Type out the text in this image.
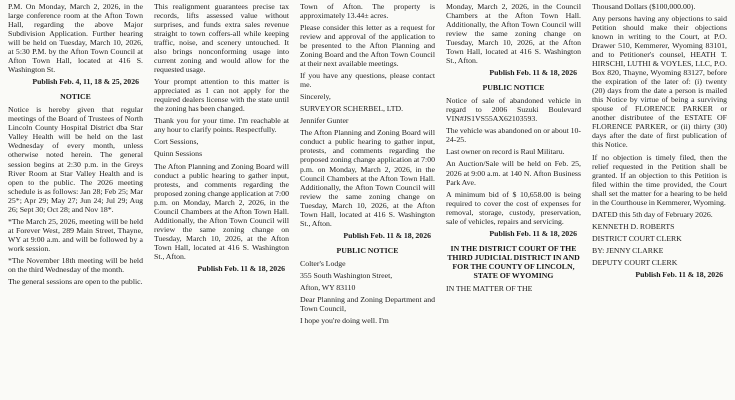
P.M. On Monday, March 2, 2026, in the large conference room at the Afton Town Hall, regarding the above Major Subdivision Application. Further hearing will be held on Tuesday, March 10, 2026, at 5:30 P.M. by the Afton Town Council at Afton Town Hall, located at 416 S. Washington St.

Publish Feb. 4, 11, 18 & 25, 2026

NOTICE

Notice is hereby given that regular meetings of the Board of Trustees of North Lincoln County Hospital District dba Star Valley Health will be held on the last Wednesday of every month, unless otherwise noted herein. The general session begins at 2:30 p.m. in the Greys River Room at Star Valley Health and is open to the public. The 2026 meeting schedule is as follows: Jan 28; Feb 25; Mar 25*; Apr 29; May 27; Jun 24; Jul 29; Aug 26; Sept 30; Oct 28; and Nov 18*.

*The March 25, 2026, meeting will be held at Forever West, 289 Main Street, Thayne, WY at 9:00 a.m. and will be followed by a work session.

*The November 18th meeting will be held on the third Wednesday of the month.

The general sessions are open to the public.

This realignment guarantees precise tax records, lifts assessed value without surprises, and funds extra sales revenue straight to town coffers-all while keeping traffic, noise, and scenery untouched. It also brings nonconforming usage into current zoning and would allow for the requested usage.

Your prompt attention to this matter is appreciated as I can not apply for the required dealers license with the state until the zoning has been changed.

Thank you for your time. I'm reachable at any hour to clarify points. Respectfully.

Cort Sessions,

Quinn Sessions

The Afton Planning and Zoning Board will conduct a public hearing to gather input, protests, and comments regarding the proposed zoning change application at 7:00 p.m. on Monday, March 2, 2026, in the Council Chambers at the Afton Town Hall. Additionally, the Afton Town Council will review the same zoning change on Tuesday, March 10, 2026, at the Afton Town Hall, located at 416 S. Washington St., Afton.

Publish Feb. 11 & 18, 2026

Town of Afton. The property is approximately 13.44± acres.

Please consider this letter as a request for review and approval of the application to be presented to the Afton Planning and Zoning Board and the Afton Town Council at their next available meetings.

If you have any questions, please contact me.

Sincerely,

SURVEYOR SCHERBEL, LTD.

Jennifer Gunter

The Afton Planning and Zoning Board will conduct a public hearing to gather input, protests, and comments regarding the proposed zoning change application at 7:00 p.m. on Monday, March 2, 2026, in the Council Chambers at the Afton Town Hall. Additionally, the Afton Town Council will review the same zoning change on Tuesday, March 10, 2026, at the Afton Town Hall, located at 416 S. Washington St., Afton.

Publish Feb. 11 & 18, 2026

PUBLIC NOTICE

Colter's Lodge

355 South Washington Street,

Afton, WY 83110

Dear Planning and Zoning Department and Town Council,

I hope you're doing well. I'm

Monday, March 2, 2026, in the Council Chambers at the Afton Town Hall. Additionally, the Afton Town Council will review the same zoning change on Tuesday, March 10, 2026, at the Afton Town Hall, located at 416 S. Washington St., Afton.

Publish Feb. 11 & 18, 2026

PUBLIC NOTICE

Notice of sale of abandoned vehicle in regard to 2006 Suzuki Boulevard VIN#JS1VS55AX62103593.

The vehicle was abandoned on or about 10-24-25.

Last owner on record is Raul Militaru.

An Auction/Sale will be held on Feb. 25, 2026 at 9:00 a.m. at 140 N. Afton Business Park Ave.

A minimum bid of $ 10,658.00 is being required to cover the cost of expenses for removal, storage, custody, preservation, sale of vehicles, repairs and servicing.

Publish Feb. 11 & 18, 2026

IN THE DISTRICT COURT OF THE THIRD JUDICIAL DISTRICT IN AND FOR THE COUNTY OF LINCOLN, STATE OF WYOMING

IN THE MATTER OF THE

Thousand Dollars ($100,000.00).

Any persons having any objections to said Petition should make their objections known in writing to the Court, at P.O. Drawer 510, Kemmerer, Wyoming 83101, and to Petitioner's counsel, HEATH T. HIRSCHI, LUTHI & VOYLES, LLC, P.O. Box 820, Thayne, Wyoming 83127, before the expiration of the later of: (i) twenty (20) days from the date a person is mailed this Notice by virtue of being a surviving spouse of FLORENCE PARKER or another distributee of the ESTATE OF FLORENCE PARKER, or (ii) thirty (30) days after the date of first publication of this Notice.

If no objection is timely filed, then the relief requested in the Petition shall be granted. If an objection to this Petition is filed within the time provided, the Court shall set the matter for a hearing to be held in the Courthouse in Kemmerer, Wyoming.

DATED this 5th day of February 2026.

KENNETH D. ROBERTS

DISTRICT COURT CLERK

BY: JENNY CLARKE

DEPUTY COURT CLERK

Publish Feb. 11 & 18, 2026
